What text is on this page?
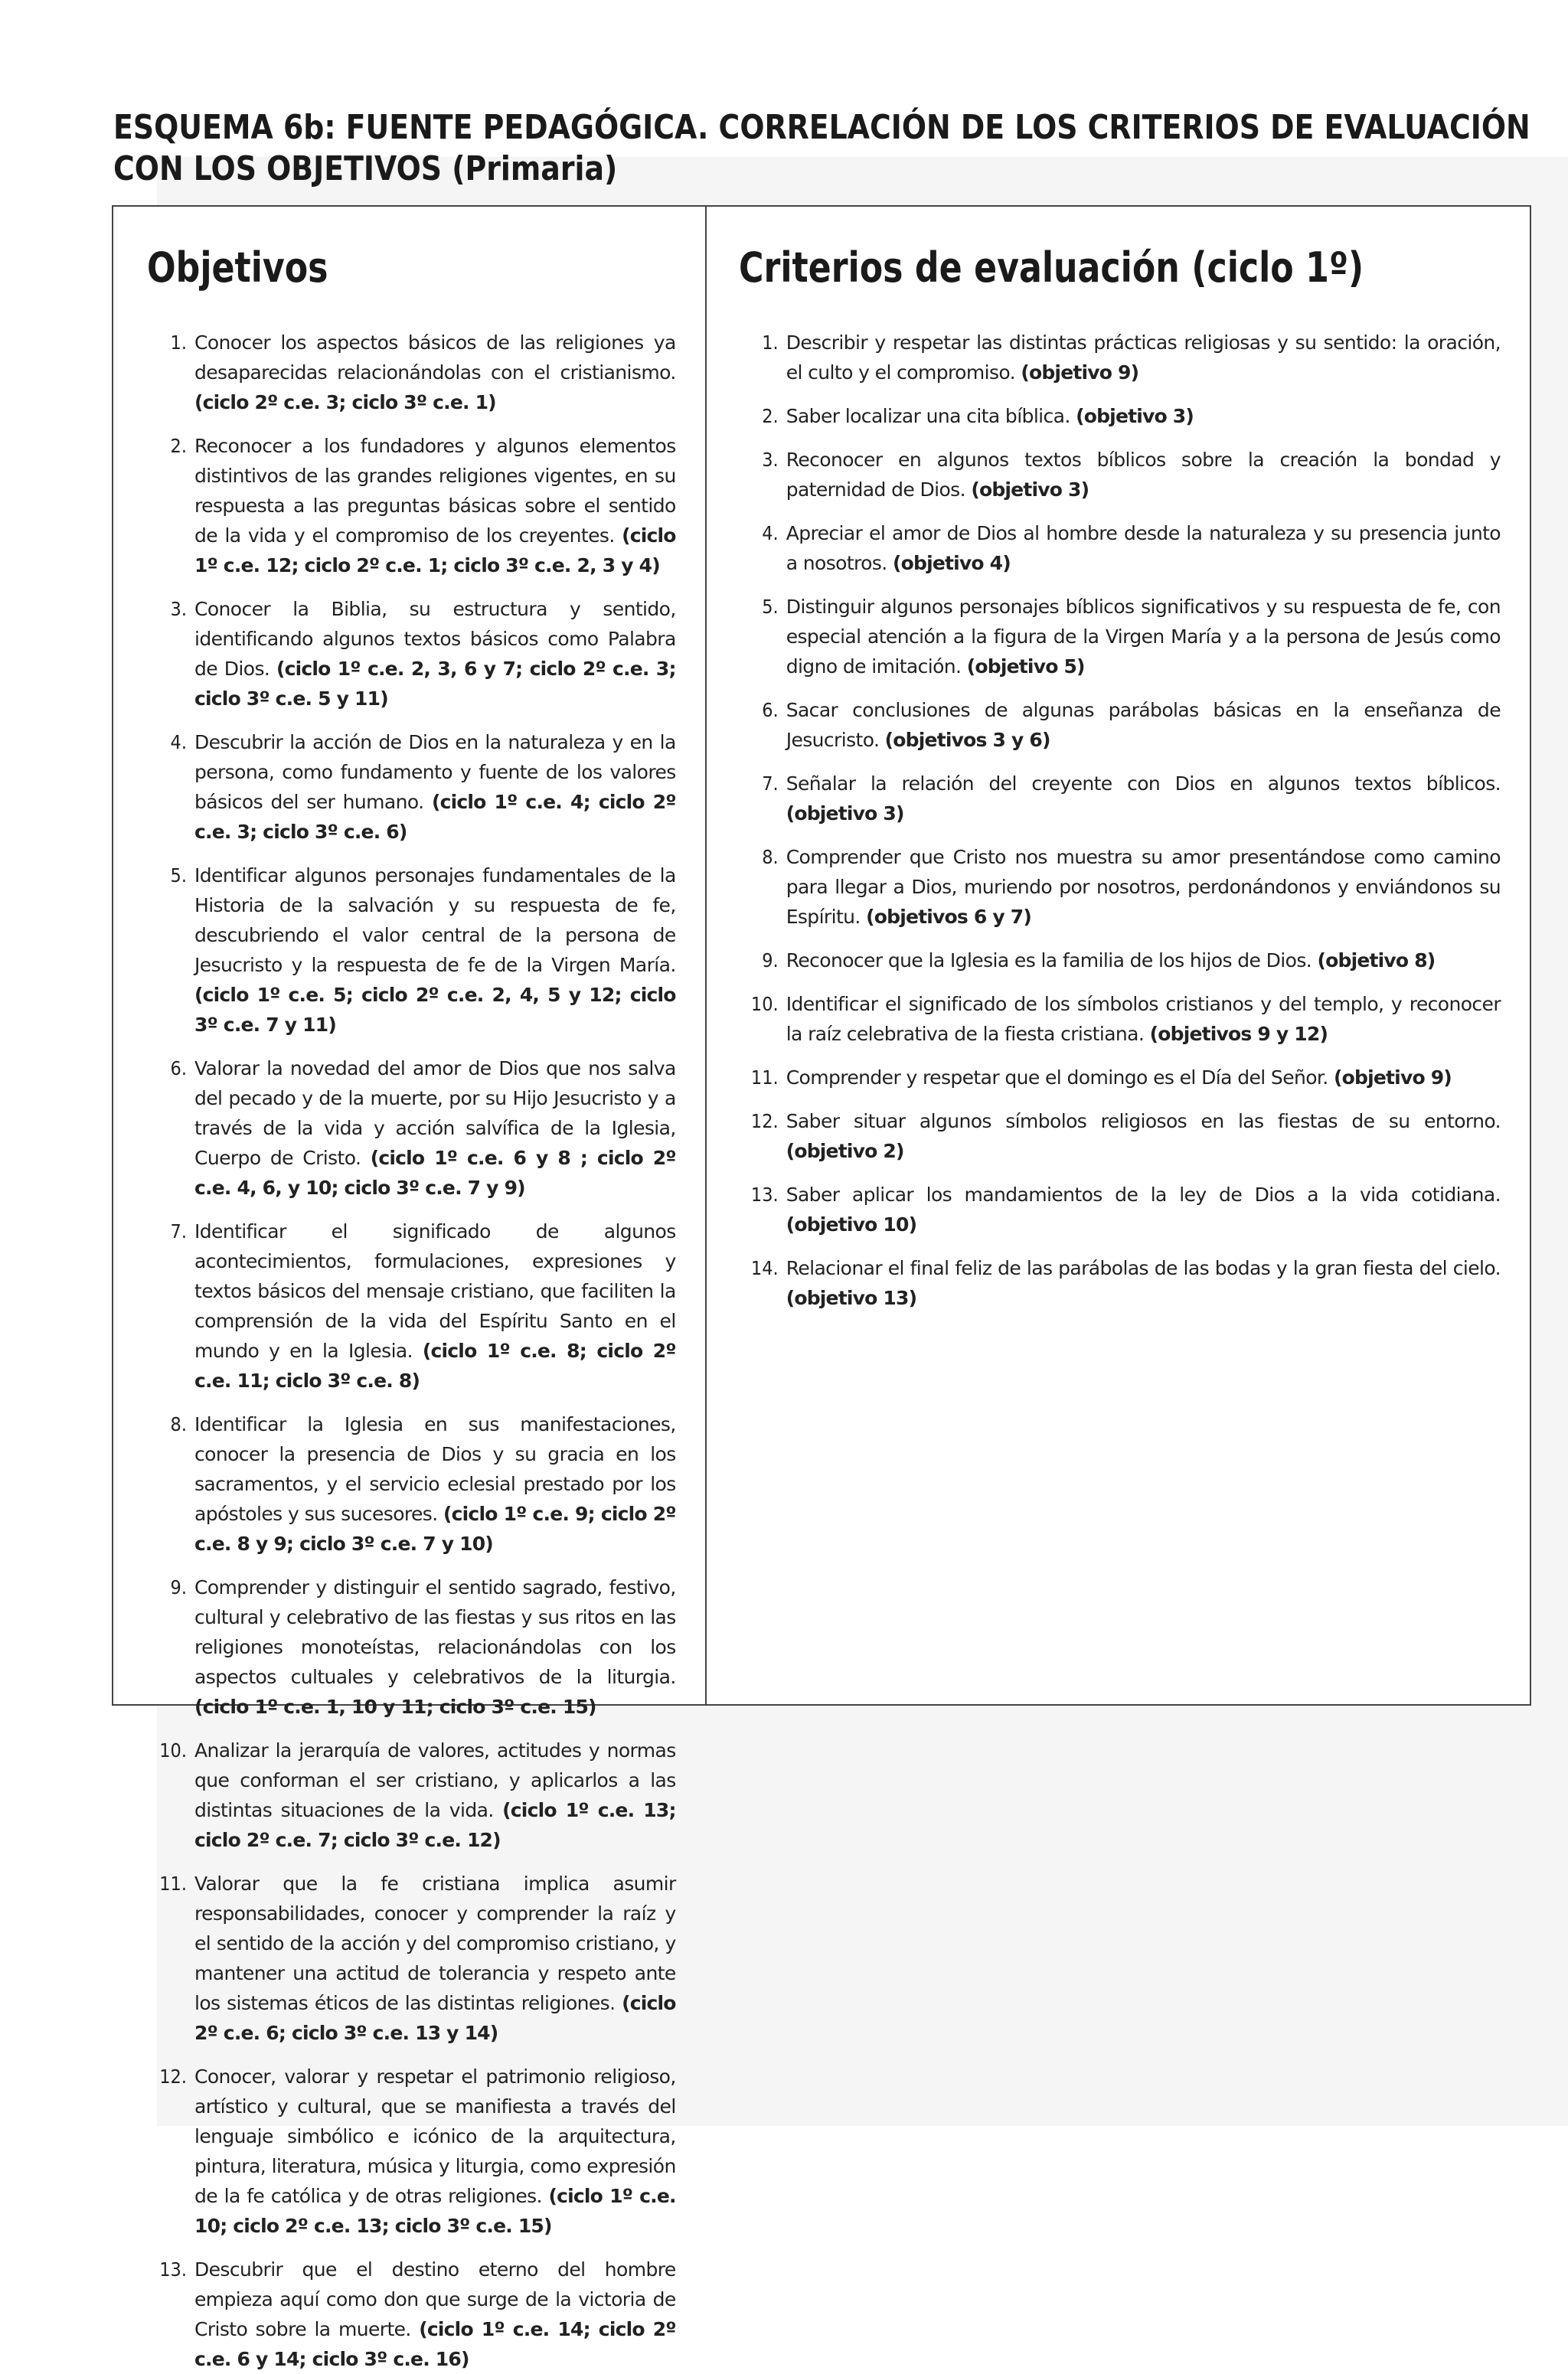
ESQUEMA 6b: FUENTE PEDAGÓGICA. CORRELACIÓN DE LOS CRITERIOS DE EVALUACIÓN
CON LOS OBJETIVOS (Primaria)
Objetivos
1. Conocer los aspectos básicos de las religiones ya desaparecidas relacionándolas con el cristianismo. (ciclo 2º c.e. 3; ciclo 3º c.e. 1)
2. Reconocer a los fundadores y algunos elementos distintivos de las grandes religiones vigentes, en su respuesta a las preguntas básicas sobre el sentido de la vida y el compromiso de los creyentes. (ciclo 1º c.e. 12; ciclo 2º c.e. 1; ciclo 3º c.e. 2, 3 y 4)
3. Conocer la Biblia, su estructura y sentido, identificando algunos textos básicos como Palabra de Dios. (ciclo 1º c.e. 2, 3, 6 y 7; ciclo 2º c.e. 3; ciclo 3º c.e. 5 y 11)
4. Descubrir la acción de Dios en la naturaleza y en la persona, como fundamento y fuente de los valores básicos del ser humano. (ciclo 1º c.e. 4; ciclo 2º c.e. 3; ciclo 3º c.e. 6)
5. Identificar algunos personajes fundamentales de la Historia de la salvación y su respuesta de fe, descubriendo el valor central de la persona de Jesucristo y la respuesta de fe de la Virgen María. (ciclo 1º c.e. 5; ciclo 2º c.e. 2, 4, 5 y 12; ciclo 3º c.e. 7 y 11)
6. Valorar la novedad del amor de Dios que nos salva del pecado y de la muerte, por su Hijo Jesucristo y a través de la vida y acción salvífica de la Iglesia, Cuerpo de Cristo. (ciclo 1º c.e. 6 y 8 ; ciclo 2º c.e. 4, 6, y 10; ciclo 3º c.e. 7 y 9)
7. Identificar el significado de algunos acontecimientos, formulaciones, expresiones y textos básicos del mensaje cristiano, que faciliten la comprensión de la vida del Espíritu Santo en el mundo y en la Iglesia. (ciclo 1º c.e. 8; ciclo 2º c.e. 11; ciclo 3º c.e. 8)
8. Identificar la Iglesia en sus manifestaciones, conocer la presencia de Dios y su gracia en los sacramentos, y el servicio eclesial prestado por los apóstoles y sus sucesores. (ciclo 1º c.e. 9; ciclo 2º c.e. 8 y 9; ciclo 3º c.e. 7 y 10)
9. Comprender y distinguir el sentido sagrado, festivo, cultural y celebrativo de las fiestas y sus ritos en las religiones monoteístas, relacionándolas con los aspectos cultuales y celebrativos de la liturgia. (ciclo 1º c.e. 1, 10 y 11; ciclo 3º c.e. 15)
10. Analizar la jerarquía de valores, actitudes y normas que conforman el ser cristiano, y aplicarlos a las distintas situaciones de la vida. (ciclo 1º c.e. 13; ciclo 2º c.e. 7; ciclo 3º c.e. 12)
11. Valorar que la fe cristiana implica asumir responsabilidades, conocer y comprender la raíz y el sentido de la acción y del compromiso cristiano, y mantener una actitud de tolerancia y respeto ante los sistemas éticos de las distintas religiones. (ciclo 2º c.e. 6; ciclo 3º c.e. 13 y 14)
12. Conocer, valorar y respetar el patrimonio religioso, artístico y cultural, que se manifiesta a través del lenguaje simbólico e icónico de la arquitectura, pintura, literatura, música y liturgia, como expresión de la fe católica y de otras religiones. (ciclo 1º c.e. 10; ciclo 2º c.e. 13; ciclo 3º c.e. 15)
13. Descubrir que el destino eterno del hombre empieza aquí como don que surge de la victoria de Cristo sobre la muerte. (ciclo 1º c.e. 14; ciclo 2º c.e. 6 y 14; ciclo 3º c.e. 16)
Criterios de evaluación (ciclo 1º)
1. Describir y respetar las distintas prácticas religiosas y su sentido: la oración, el culto y el compromiso. (objetivo 9)
2. Saber localizar una cita bíblica. (objetivo 3)
3. Reconocer en algunos textos bíblicos sobre la creación la bondad y paternidad de Dios. (objetivo 3)
4. Apreciar el amor de Dios al hombre desde la naturaleza y su presencia junto a nosotros. (objetivo 4)
5. Distinguir algunos personajes bíblicos significativos y su respuesta de fe, con especial atención a la figura de la Virgen María y a la persona de Jesús como digno de imitación. (objetivo 5)
6. Sacar conclusiones de algunas parábolas básicas en la enseñanza de Jesucristo. (objetivos 3 y 6)
7. Señalar la relación del creyente con Dios en algunos textos bíblicos. (objetivo 3)
8. Comprender que Cristo nos muestra su amor presentándose como camino para llegar a Dios, muriendo por nosotros, perdonándonos y enviándonos su Espíritu. (objetivos 6 y 7)
9. Reconocer que la Iglesia es la familia de los hijos de Dios. (objetivo 8)
10. Identificar el significado de los símbolos cristianos y del templo, y reconocer la raíz celebrativa de la fiesta cristiana. (objetivos 9 y 12)
11. Comprender y respetar que el domingo es el Día del Señor. (objetivo 9)
12. Saber situar algunos símbolos religiosos en las fiestas de su entorno. (objetivo 2)
13. Saber aplicar los mandamientos de la ley de Dios a la vida cotidiana. (objetivo 10)
14. Relacionar el final feliz de las parábolas de las bodas y la gran fiesta del cielo. (objetivo 13)
